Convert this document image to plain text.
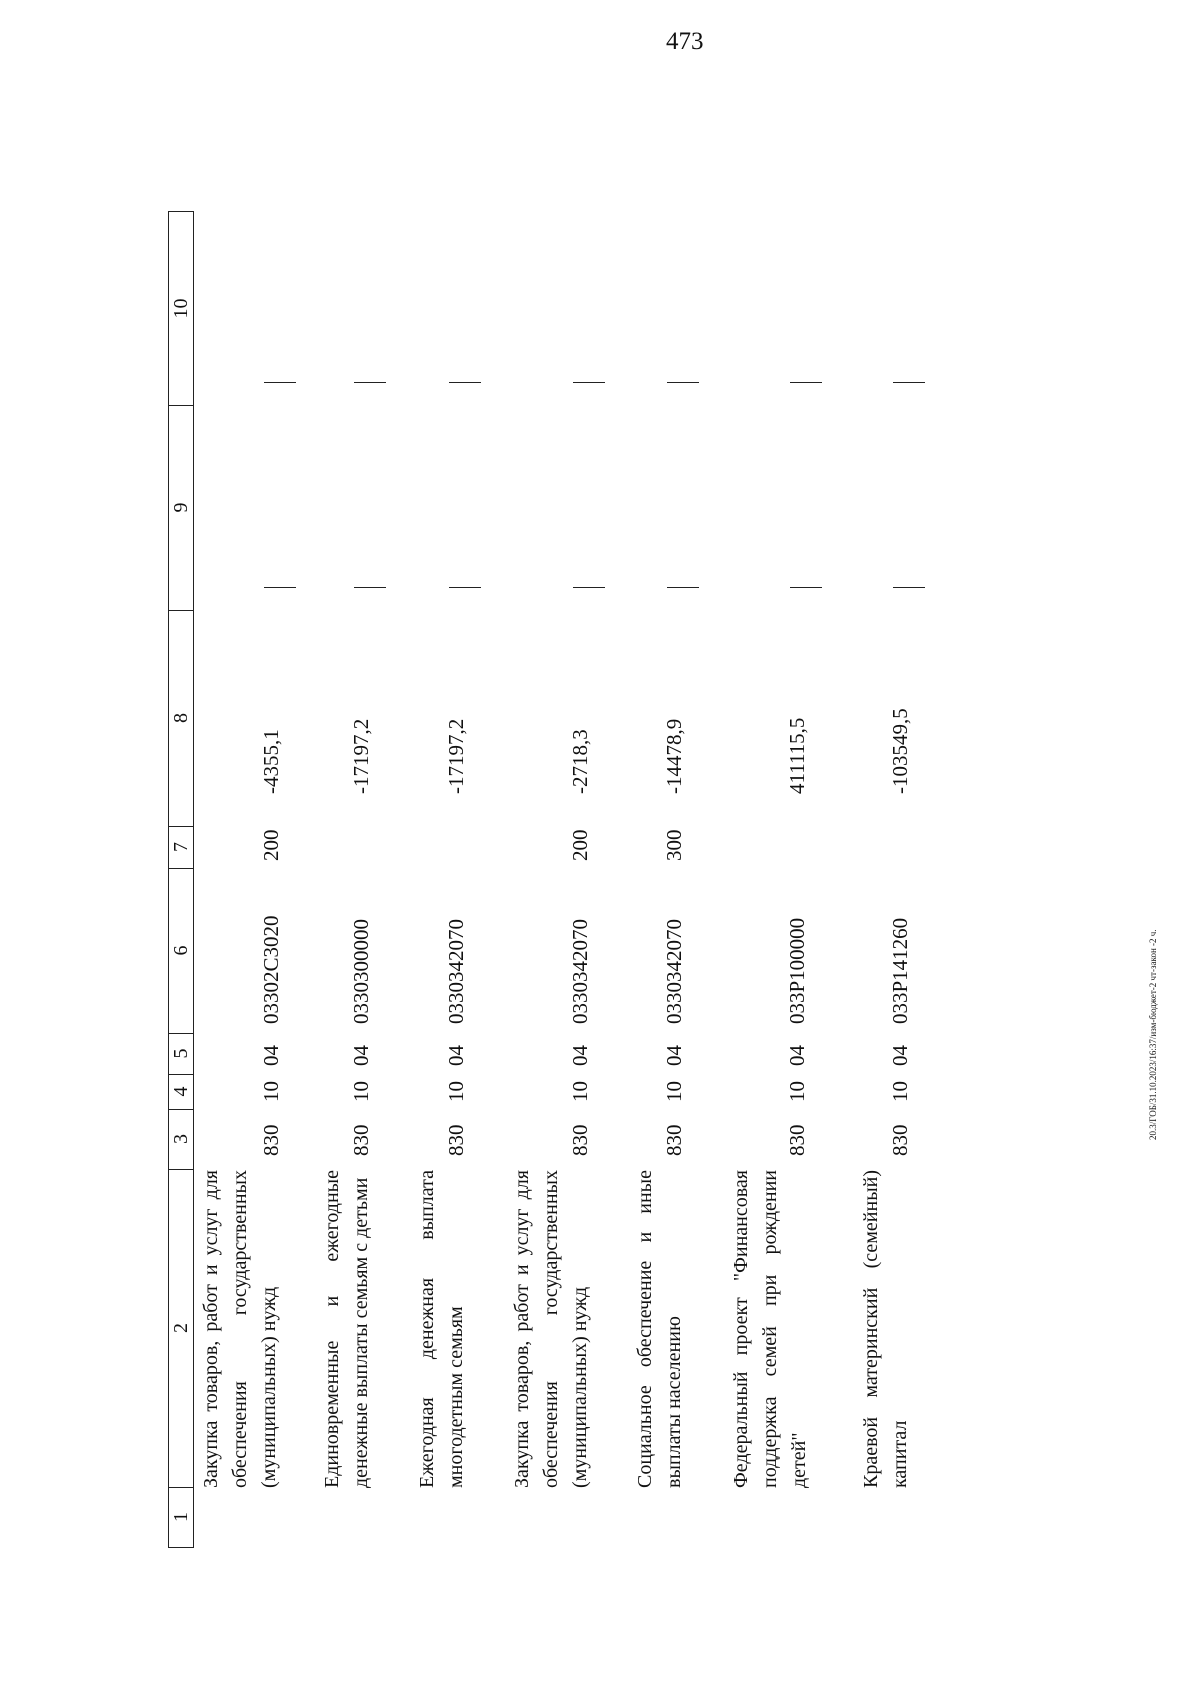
473
20.3/ГОБ/31.10.2023/16:37/изм-бюджет-2 чт-закон -2 ч.
1
2
3
4
5
6
7
8
9
10
Закупка товаров, работ и услуг для обеспечения государственных (муниципальных) нужд
830
10
04
03302С3020
200
-4355,1
Единовременные и ежегодные денежные выплаты семьям с детьми
830
10
04
0330300000
-17197,2
Ежегодная денежная выплата многодетным семьям
830
10
04
0330342070
-17197,2
Закупка товаров, работ и услуг для обеспечения государственных (муниципальных) нужд
830
10
04
0330342070
200
-2718,3
Социальное обеспечение и иные выплаты населению
830
10
04
0330342070
300
-14478,9
Федеральный проект "Финансовая поддержка семей при рождении детей"
830
10
04
033P100000
411115,5
Краевой материнский (семейный) капитал
830
10
04
033P141260
-103549,5
